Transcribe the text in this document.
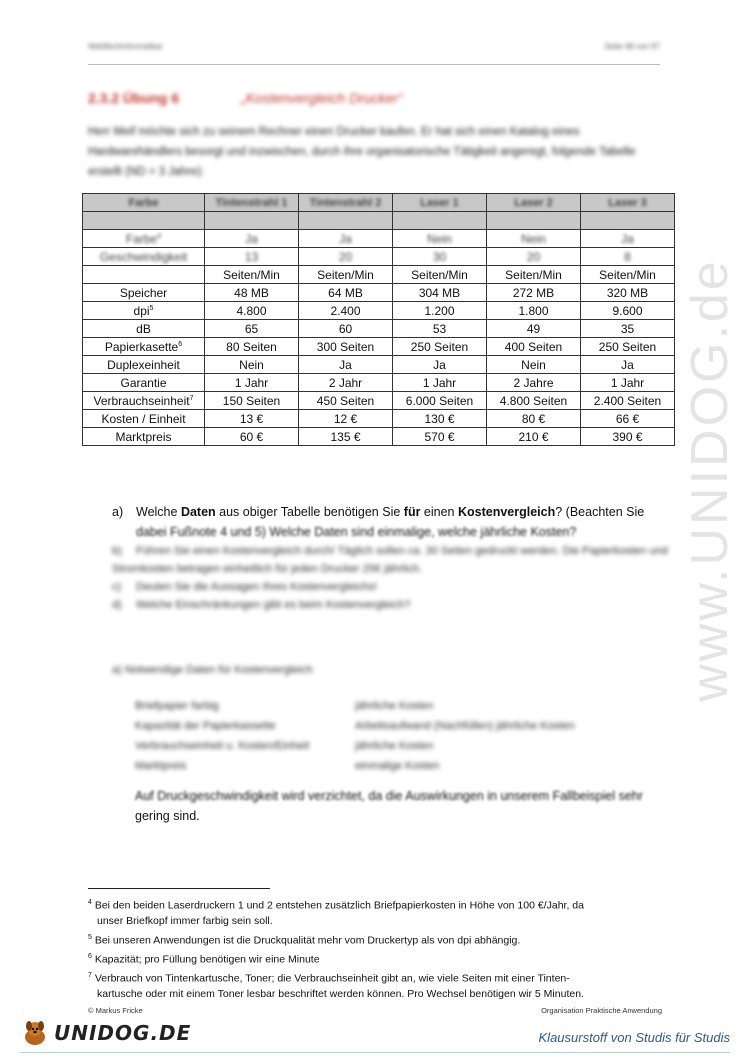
Wahlfachinformatikar	Seite 48 von 97
2.3.2 Übung 6	„Kostenvergleich Drucker“
Herr Meif möchte sich zu seinem Rechner einen Drucker kaufen. Er hat sich einen Katalog eines Hardwarehändlers besorgt und inzwischen, durch ihre organisatorische Tätigkeit angeregt, folgende Tabelle erstellt (ND = 3 Jahre):
www.UNIDOG.de
Farbe	Tintenstrahl 1	Tintenstrahl 2	Laser 1	Laser 2	Laser 3

Farbe$^4$	Ja	Ja	Nein	Nein	Ja
Geschwindigkeit	13	20	30	20	8
	Seiten/Min	Seiten/Min	Seiten/Min	Seiten/Min	Seiten/Min
Speicher	48 MB	64 MB	304 MB	272 MB	320 MB
dpi$^5$	4.800	2.400	1.200	1.800	9.600
dB	65	60	53	49	35
Papierkasette$^6$	80 Seiten	300 Seiten	250 Seiten	400 Seiten	250 Seiten
Duplexeinheit	Nein	Ja	Ja	Nein	Ja
Garantie	1 Jahr	2 Jahr	1 Jahr	2 Jahre	1 Jahr
Verbrauchseinheit$^7$	150 Seiten	450 Seiten	6.000 Seiten	4.800 Seiten	2.400 Seiten
Kosten / Einheit	13 €	12 €	130 €	80 €	66 €
Marktpreis	60 €	135 €	570 €	210 €	390 €
a) Welche Daten aus obiger Tabelle benötigen Sie für einen Kostenvergleich? (Beachten Sie
dabei Fußnote 4 und 5) Welche Daten sind einmalige, welche jährliche Kosten?
b) Führen Sie einen Kostenvergleich durch! Täglich sollen ca. 30 Seiten gedruckt werden. Die Papierkosten und Stromkosten betragen einheitlich für jeden Drucker 25€ jährlich.
c) Deuten Sie die Aussagen Ihres Kostenvergleichs!
d) Welche Einschränkungen gibt es beim Kostenvergleich?
a) Notwendige Daten für Kostenvergleich
Briefpapier farbig	jährliche Kosten
Kapazität der Papierkassette	Arbeitsaufwand (Nachfüllen) jährliche Kosten
Verbrauchseinheit u. Kosten/Einheit	jährliche Kosten
Marktpreis	einmalige Kosten
Auf Druckgeschwindigkeit wird verzichtet, da die Auswirkungen in unserem Fallbeispiel sehr
gering sind.
$^4$ Bei den beiden Laserdruckern 1 und 2 entstehen zusätzlich Briefpapierkosten in Höhe von 100 €/Jahr, da
unser Briefkopf immer farbig sein soll.
$^5$ Bei unseren Anwendungen ist die Druckqualität mehr vom Druckertyp als von dpi abhängig.
$^6$ Kapazität; pro Füllung benötigen wir eine Minute
$^7$ Verbrauch von Tintenkartusche, Toner; die Verbrauchseinheit gibt an, wie viele Seiten mit einer Tinten-
kartusche oder mit einem Toner lesbar beschriftet werden können. Pro Wechsel benötigen wir 5 Minuten.
© Markus Fricke	Organisation Praktische Anwendung
UNIDOG.DE	Klausurstoff von Studis für Studis
